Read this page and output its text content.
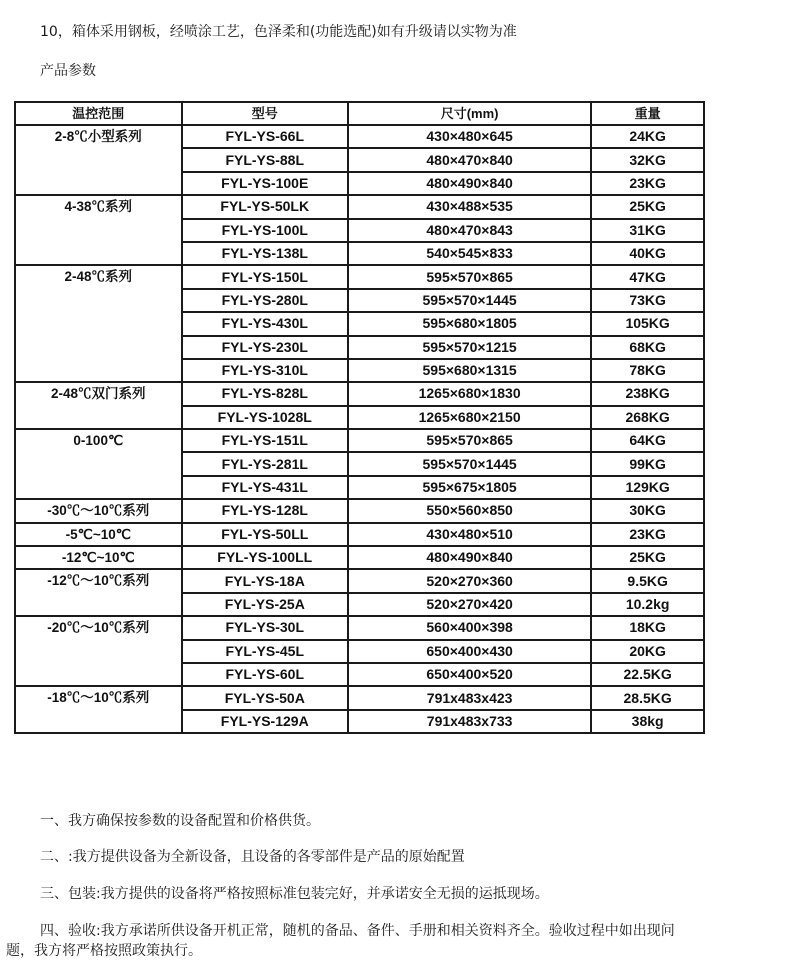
10，箱体采用钢板，经喷涂工艺，色泽柔和(功能选配)如有升级请以实物为准
产品参数
温控范围	型号	尺寸(mm)	重量
2-8℃小型系列	FYL-YS-66L	430×480×645	24KG
	FYL-YS-88L	480×470×840	32KG
	FYL-YS-100E	480×490×840	23KG
4-38℃系列	FYL-YS-50LK	430×488×535	25KG
	FYL-YS-100L	480×470×843	31KG
	FYL-YS-138L	540×545×833	40KG
2-48℃系列	FYL-YS-150L	595×570×865	47KG
	FYL-YS-280L	595×570×1445	73KG
	FYL-YS-430L	595×680×1805	105KG
	FYL-YS-230L	595×570×1215	68KG
	FYL-YS-310L	595×680×1315	78KG
2-48℃双门系列	FYL-YS-828L	1265×680×1830	238KG
	FYL-YS-1028L	1265×680×2150	268KG
0-100℃	FYL-YS-151L	595×570×865	64KG
	FYL-YS-281L	595×570×1445	99KG
	FYL-YS-431L	595×675×1805	129KG
-30℃～10℃系列	FYL-YS-128L	550×560×850	30KG
-5℃~10℃	FYL-YS-50LL	430×480×510	23KG
-12℃~10℃	FYL-YS-100LL	480×490×840	25KG
-12℃～10℃系列	FYL-YS-18A	520×270×360	9.5KG
	FYL-YS-25A	520×270×420	10.2kg
-20℃～10℃系列	FYL-YS-30L	560×400×398	18KG
	FYL-YS-45L	650×400×430	20KG
	FYL-YS-60L	650×400×520	22.5KG
-18℃～10℃系列	FYL-YS-50A	791x483x423	28.5KG
	FYL-YS-129A	791x483x733	38kg
一、我方确保按参数的设备配置和价格供货。
二、:我方提供设备为全新设备，且设备的各零部件是产品的原始配置
三、包装:我方提供的设备将严格按照标准包装完好，并承诺安全无损的运抵现场。
四、验收:我方承诺所供设备开机正常，随机的备品、备件、手册和相关资料齐全。验收过程中如出现问
题，我方将严格按照政策执行。
